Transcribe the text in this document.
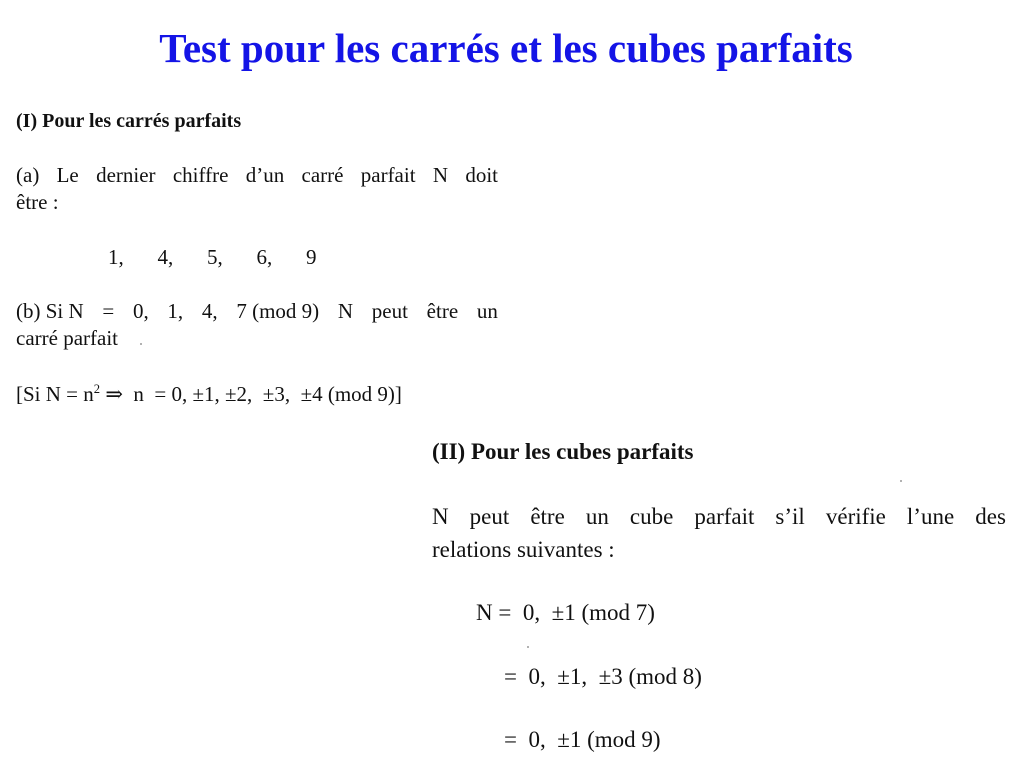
Test pour les carrés et les cubes parfaits
(I) Pour les carrés parfaits
(a) Le dernier chiffre d’un carré parfait N doit
être :
1,   4,   5,   6,   9
(b) Si N = 0, 1, 4, 7 (mod 9) N peut être un
carré parfait
[Si $N = n^2$ ⇒  n  = 0, ±1, ±2,  ±3,  ±4 (mod 9)]
(II) Pour les cubes parfaits
N peut être un cube parfait s’il vérifie l’une des
relations suivantes :
N =  0,  ±1 (mod 7)
=  0,  ±1,  ±3 (mod 8)
=  0,  ±1 (mod 9)
